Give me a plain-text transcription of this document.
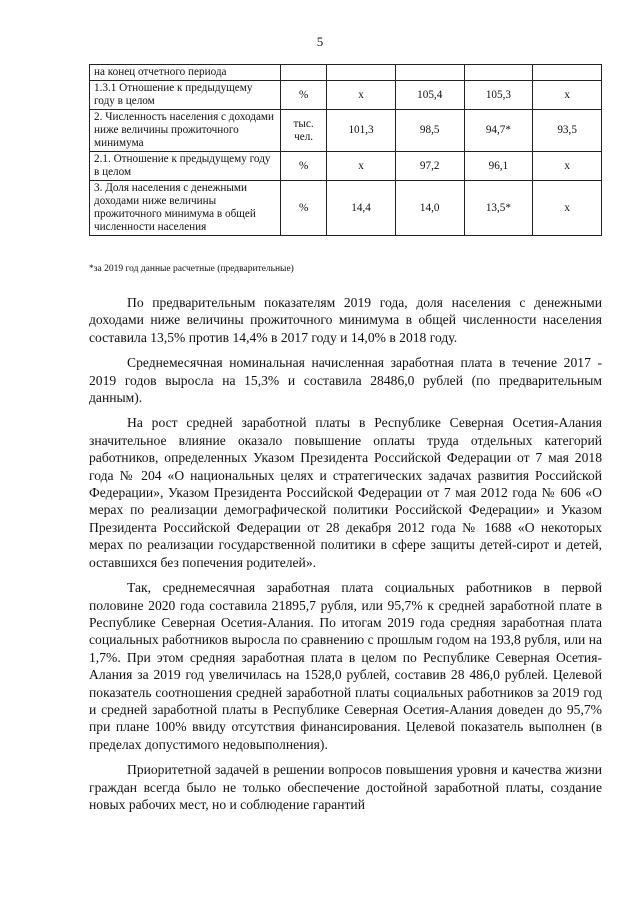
5
на конец отчетного периода					
1.3.1 Отношение к предыдущему году в целом	%	х	105,4	105,3	х
2. Численность населения с доходами ниже величины прожиточного минимума	тыс. чел.	101,3	98,5	94,7*	93,5
2.1. Отношение к предыдущему году в целом	%	х	97,2	96,1	х
3. Доля населения с денежными доходами ниже величины прожиточного минимума в общей численности населения	%	14,4	14,0	13,5*	х
*за 2019 год данные расчетные (предварительные)

По предварительным показателям 2019 года, доля населения с денежными доходами ниже величины прожиточного минимума в общей численности населения составила 13,5% против 14,4% в 2017 году и 14,0% в 2018 году.

Среднемесячная номинальная начисленная заработная плата в течение 2017 - 2019 годов выросла на 15,3% и составила 28486,0 рублей (по предварительным данным).

На рост средней заработной платы в Республике Северная Осетия-Алания значительное влияние оказало повышение оплаты труда отдельных категорий работников, определенных Указом Президента Российской Федерации от 7 мая 2018 года № 204 «О национальных целях и стратегических задачах развития Российской Федерации», Указом Президента Российской Федерации от 7 мая 2012 года № 606 «О мерах по реализации демографической политики Российской Федерации» и Указом Президента Российской Федерации от 28 декабря 2012 года № 1688 «О некоторых мерах по реализации государственной политики в сфере защиты детей-сирот и детей, оставшихся без попечения родителей».

Так, среднемесячная заработная плата социальных работников в первой половине 2020 года составила 21895,7 рубля, или 95,7% к средней заработной плате в Республике Северная Осетия-Алания. По итогам 2019 года средняя заработная плата социальных работников выросла по сравнению с прошлым годом на 193,8 рубля, или на 1,7%. При этом средняя заработная плата в целом по Республике Северная Осетия-Алания за 2019 год увеличилась на 1528,0 рублей, составив 28 486,0 рублей. Целевой показатель соотношения средней заработной платы социальных работников за 2019 год и средней заработной платы в Республике Северная Осетия-Алания доведен до 95,7% при плане 100% ввиду отсутствия финансирования. Целевой показатель выполнен (в пределах допустимого недовыполнения).

Приоритетной задачей в решении вопросов повышения уровня и качества жизни граждан всегда было не только обеспечение достойной заработной платы, создание новых рабочих мест, но и соблюдение гарантий
